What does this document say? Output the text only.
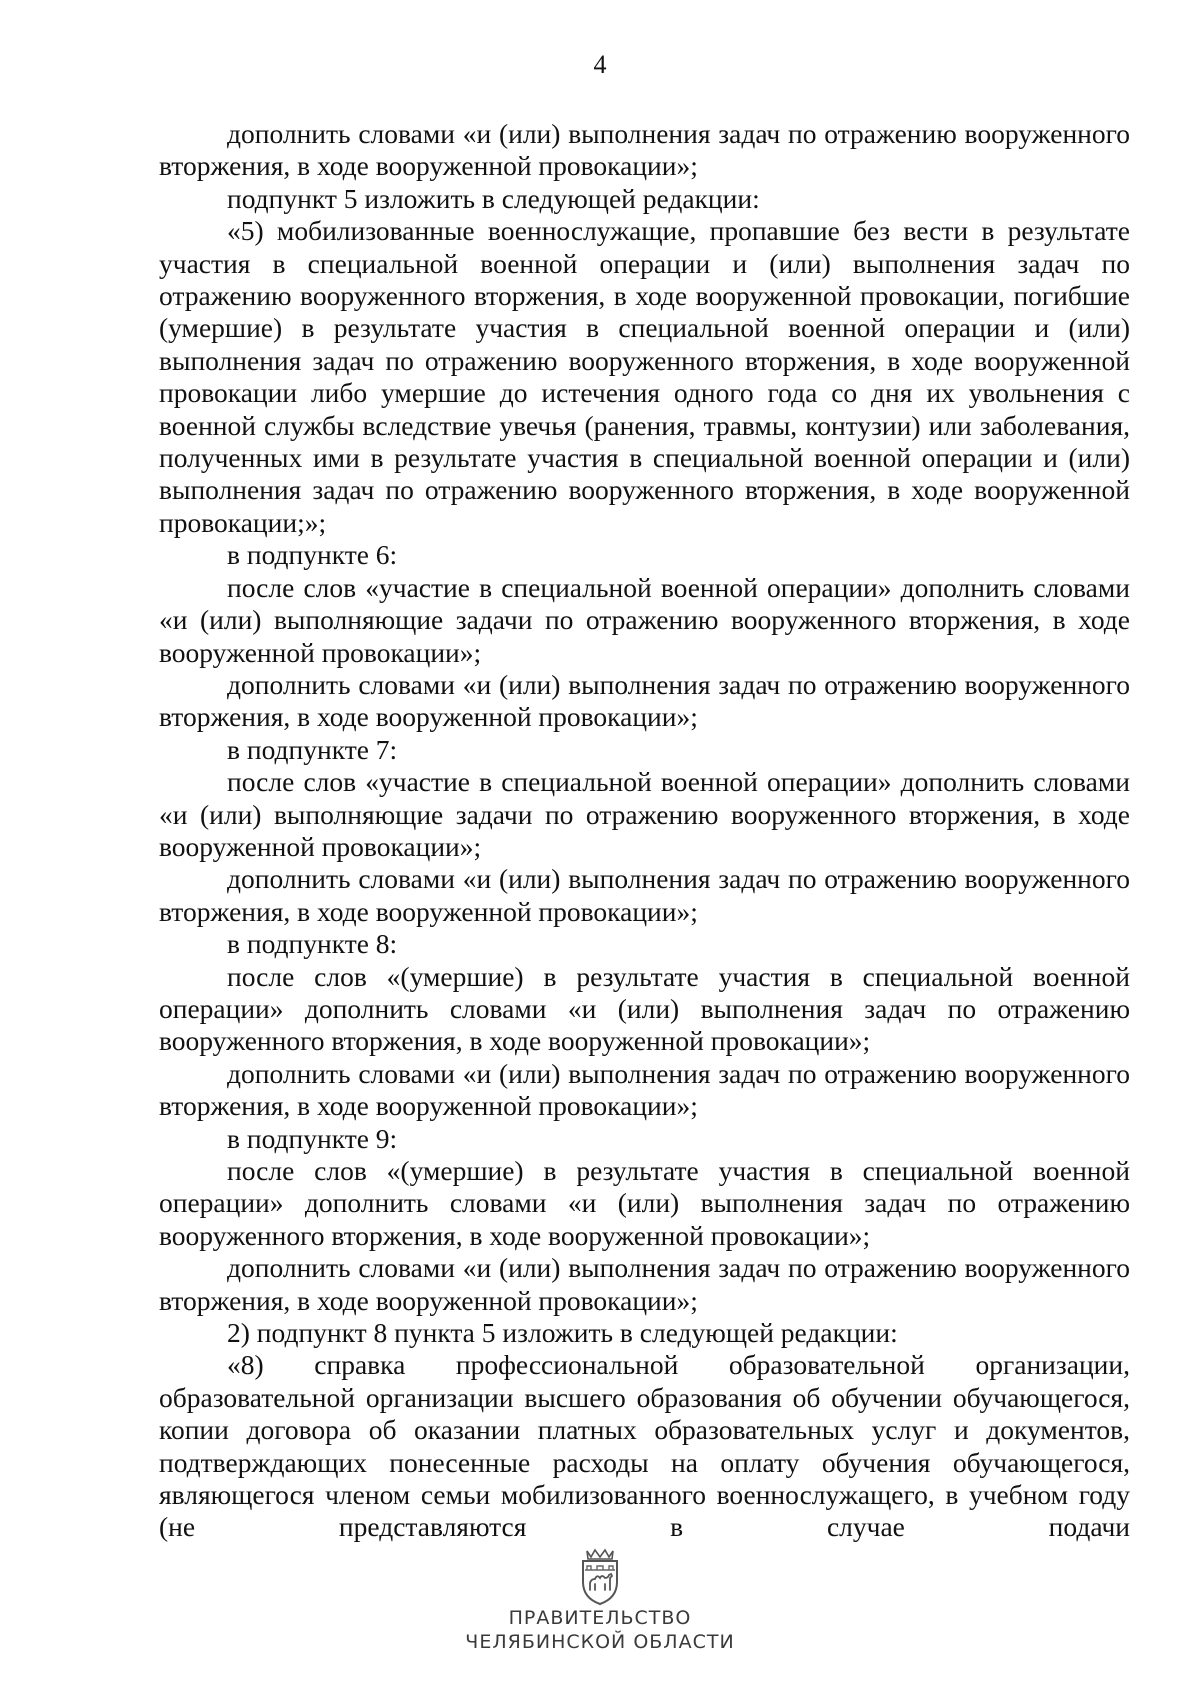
4

дополнить словами «и (или) выполнения задач по отражению вооруженного вторжения, в ходе вооруженной провокации»;

подпункт 5 изложить в следующей редакции:

«5) мобилизованные военнослужащие, пропавшие без вести в результате участия в специальной военной операции и (или) выполнения задач по отражению вооруженного вторжения, в ходе вооруженной провокации, погибшие (умершие) в результате участия в специальной военной операции и (или) выполнения задач по отражению вооруженного вторжения, в ходе вооруженной провокации либо умершие до истечения одного года со дня их увольнения с военной службы вследствие увечья (ранения, травмы, контузии) или заболевания, полученных ими в результате участия в специальной военной операции и (или) выполнения задач по отражению вооруженного вторжения, в ходе вооруженной провокации;»;

в подпункте 6:

после слов «участие в специальной военной операции» дополнить словами «и (или) выполняющие задачи по отражению вооруженного вторжения, в ходе вооруженной провокации»;

дополнить словами «и (или) выполнения задач по отражению вооруженного вторжения, в ходе вооруженной провокации»;

в подпункте 7:

после слов «участие в специальной военной операции» дополнить словами «и (или) выполняющие задачи по отражению вооруженного вторжения, в ходе вооруженной провокации»;

дополнить словами «и (или) выполнения задач по отражению вооруженного вторжения, в ходе вооруженной провокации»;

в подпункте 8:

после слов «(умершие) в результате участия в специальной военной операции» дополнить словами «и (или) выполнения задач по отражению вооруженного вторжения, в ходе вооруженной провокации»;

дополнить словами «и (или) выполнения задач по отражению вооруженного вторжения, в ходе вооруженной провокации»;

в подпункте 9:

после слов «(умершие) в результате участия в специальной военной операции» дополнить словами «и (или) выполнения задач по отражению вооруженного вторжения, в ходе вооруженной провокации»;

дополнить словами «и (или) выполнения задач по отражению вооруженного вторжения, в ходе вооруженной провокации»;

2) подпункт 8 пункта 5 изложить в следующей редакции:

«8) справка профессиональной образовательной организации, образовательной организации высшего образования об обучении обучающегося, копии договора об оказании платных образовательных услуг и документов, подтверждающих понесенные расходы на оплату обучения обучающегося, являющегося членом семьи мобилизованного военнослужащего, в учебном году (не представляются в случае подачи

ПРАВИТЕЛЬСТВО

ЧЕЛЯБИНСКОЙ ОБЛАСТИ
